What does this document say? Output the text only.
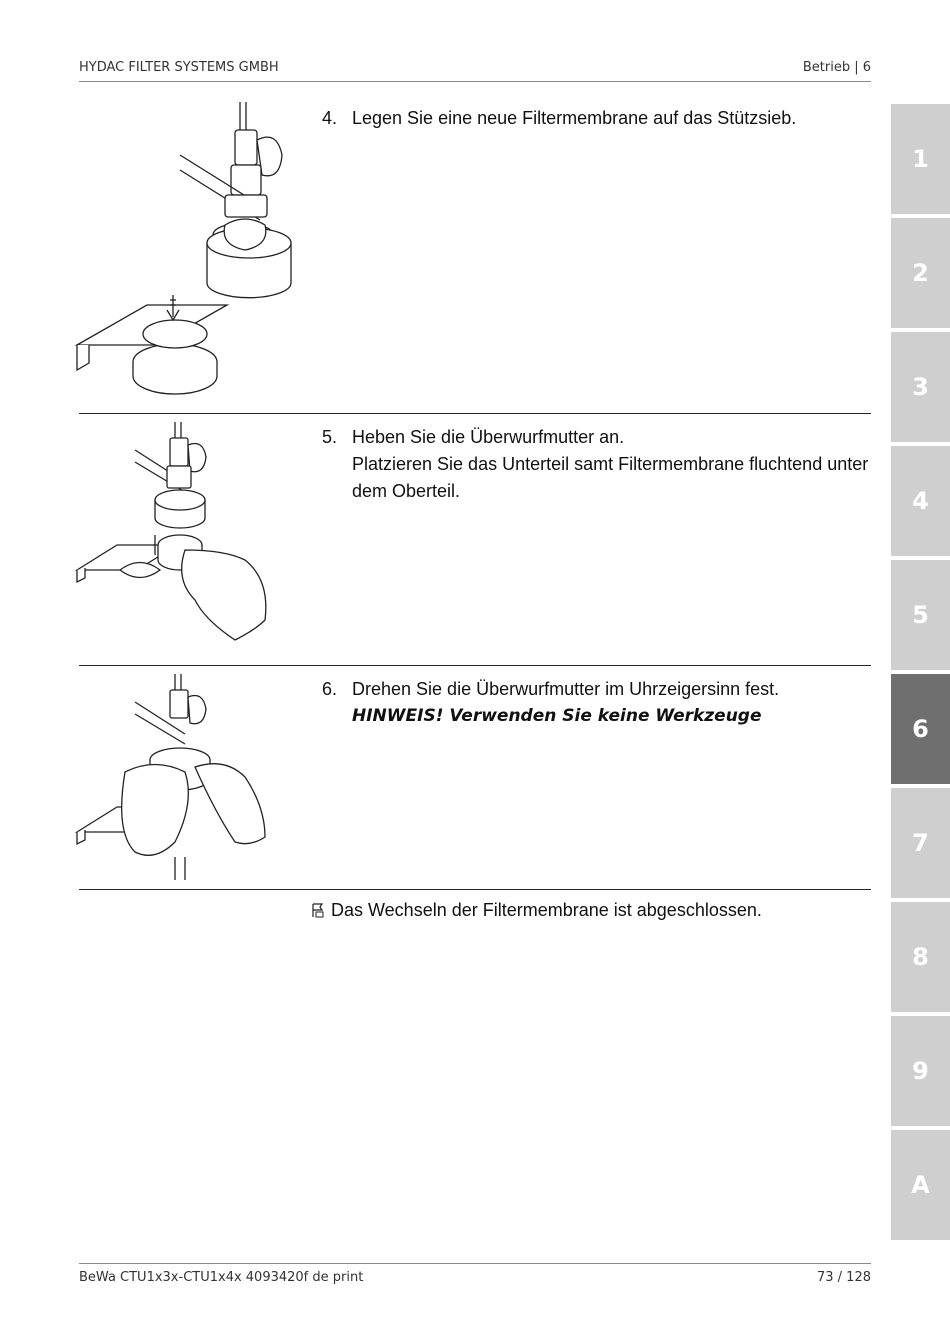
HYDAC FILTER SYSTEMS GMBH	Betrieb | 6
4. Legen Sie eine neue Filtermembrane auf das Stützsieb.
5. Heben Sie die Überwurfmutter an.
Platzieren Sie das Unterteil samt Filtermembrane fluchtend unter dem Oberteil.
6. Drehen Sie die Überwurfmutter im Uhrzeigersinn fest.
HINWEIS! Verwenden Sie keine Werkzeuge
Das Wechseln der Filtermembrane ist abgeschlossen.
1
2
3
4
5
6
7
8
9
A
BeWa CTU1x3x-CTU1x4x 4093420f de print	73 / 128
